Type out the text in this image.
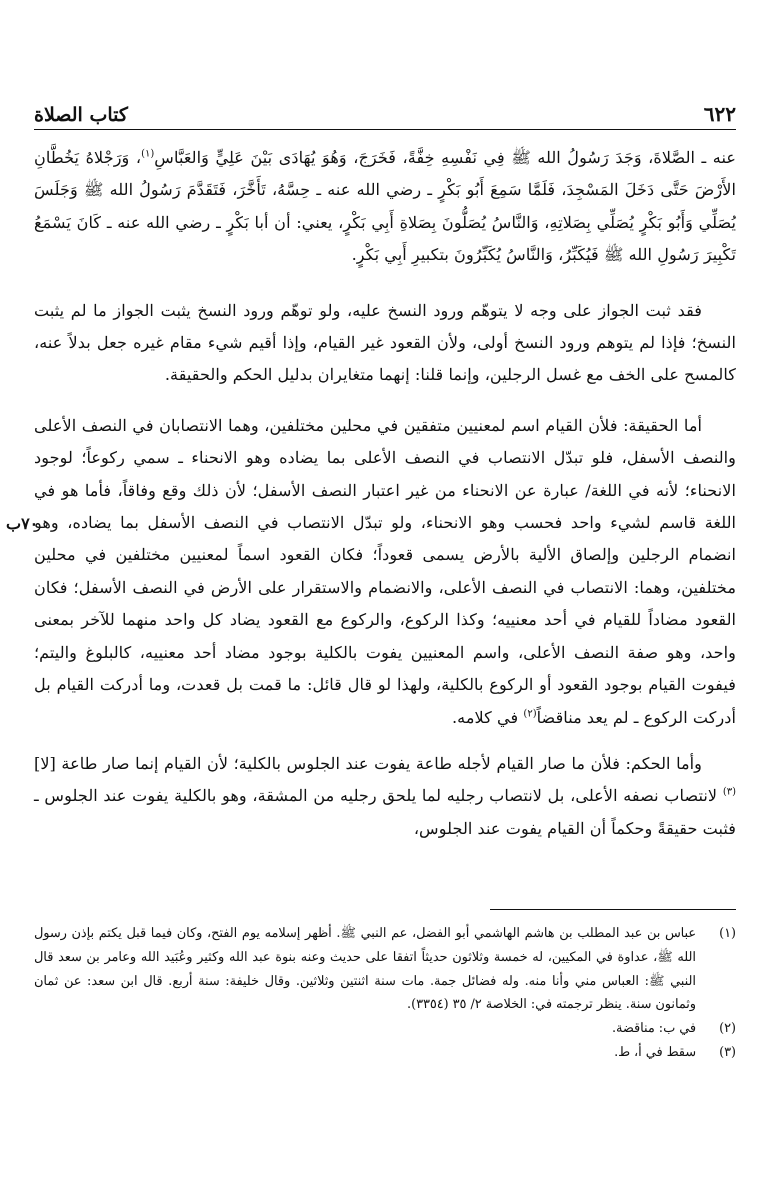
٦٢٢
كتاب الصلاة

عنه ـ الصَّلاةَ، وَجَدَ رَسُولُ الله ﷺ فِي نَفْسِهِ خِفَّةً، فَخَرَجَ، وَهُوَ يُهَادَى بَيْنَ عَلِيٍّ وَالعَبَّاسِ$^{(١)}$، وَرَجْلاهُ يَخُطَّانِ الأَرْضَ حَتَّى دَخَلَ المَسْجِدَ، فَلَمَّا سَمِعَ أَبُو بَكْرٍ ـ رضي الله عنه ـ حِسَّهُ، تَأَخَّرَ، فَتَقَدَّمَ رَسُولُ الله ﷺ وَجَلَسَ يُصَلِّي وَأَبُو بَكْرٍ يُصَلِّي بِصَلاتِهِ، وَالنَّاسُ يُصَلُّونَ بِصَلاةِ أَبِي بَكْرٍ، يعني: أن أبا بَكْرٍ ـ رضي الله عنه ـ كَانَ يَسْمَعُ تَكْبِيرَ رَسُولِ الله ﷺ فَيُكَبِّرُ، وَالنَّاسُ يُكَبِّرُونَ بتكبيرِ أَبِي بَكْرٍ.

فقد ثبت الجواز على وجه لا يتوهّم ورود النسخ عليه، ولو توهّم ورود النسخ يثبت الجواز ما لم يثبت النسخ؛ فإذا لم يتوهم ورود النسخ أولى، ولأن القعود غير القيام، وإذا أقيم شيء مقام غيره جعل بدلاً عنه، كالمسح على الخف مع غسل الرجلين، وإنما قلنا: إنهما متغايران بدليل الحكم والحقيقة.

أما الحقيقة: فلأن القيام اسم لمعنيين متفقين في محلين مختلفين، وهما الانتصابان في النصف الأعلى والنصف الأسفل، فلو تبدّل الانتصاب في النصف الأعلى بما يضاده وهو الانحناء ـ سمي ركوعاً؛ لوجود الانحناء؛ لأنه في اللغة/ عبارة عن الانحناء من غير اعتبار النصف الأسفل؛ لأن ذلك وقع وفاقاً، فأما هو في اللغة قاسم لشيء واحد فحسب وهو الانحناء، ولو تبدّل الانتصاب في النصف الأسفل بما يضاده، وهو انضمام الرجلين وإلصاق الألية بالأرض يسمى قعوداً؛ فكان القعود اسماً لمعنيين مختلفين في محلين مختلفين، وهما: الانتصاب في النصف الأعلى، والانضمام والاستقرار على الأرض في النصف الأسفل؛ فكان القعود مضاداً للقيام في أحد معنييه؛ وكذا الركوع، والركوع مع القعود يضاد كل واحد منهما للآخر بمعنى واحد، وهو صفة النصف الأعلى، واسم المعنيين يفوت بالكلية بوجود مضاد أحد معنييه، كالبلوغ واليتم؛ فيفوت القيام بوجود القعود أو الركوع بالكلية، ولهذا لو قال قائل: ما قمت بل قعدت، وما أدركت القيام بل أدركت الركوع ـ لم يعد مناقضاً$^{(٢)}$ في كلامه.

وأما الحكم: فلأن ما صار القيام لأجله طاعة يفوت عند الجلوس بالكلية؛ لأن القيام إنما صار طاعة [لا]$^{(٣)}$ لانتصاب نصفه الأعلى، بل لانتصاب رجليه لما يلحق رجليه من المشقة، وهو بالكلية يفوت عند الجلوس ـ فثبت حقيقةً وحكماً أن القيام يفوت عند الجلوس،

٧٠ب
(١)
عباس بن عبد المطلب بن هاشم الهاشمي أبو الفضل، عم النبي ﷺ. أظهر إسلامه يوم الفتح، وكان فيما قبل يكتم بإذن رسول الله ﷺ، عداوة في المكيين، له خمسة وثلاثون حديثاً اتفقا على حديث وعنه بنوة عبد الله وكثير وعُبَيد الله وعامر بن سعد قال النبي ﷺ: العباس مني وأنا منه. وله فضائل جمة. مات سنة اثنتين وثلاثين. وقال خليفة: سنة أربع. قال ابن سعد: عن ثمان وثمانون سنة. ينظر ترجمته في: الخلاصة ٢/ ٣٥ (٣٣٥٤).
(٢)
في ب: مناقضة.
(٣)
سقط في أ، ط.
